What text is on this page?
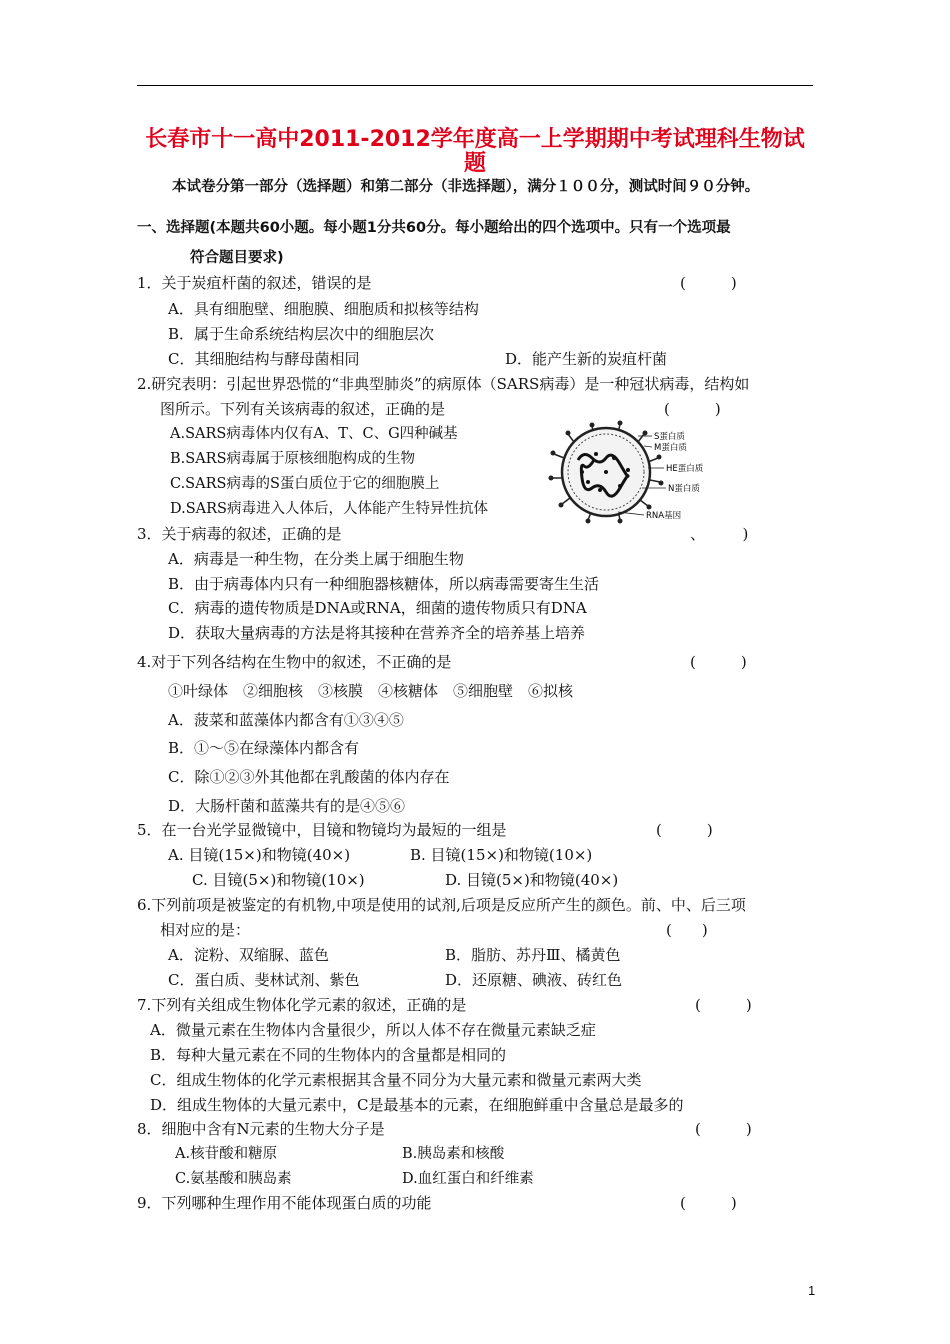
长春市十一高中2011-2012学年度高一上学期期中考试理科生物试
题
本试卷分第一部分（选择题）和第二部分（非选择题），满分１００分，测试时间９０分钟。
一、选择题(本题共60小题。每小题1分共60分。每小题给出的四个选项中。只有一个选项最
符合题目要求)
1．关于炭疽杆菌的叙述，错误的是	(　　　)
A．具有细胞壁、细胞膜、细胞质和拟核等结构
B．属于生命系统结构层次中的细胞层次
C．其细胞结构与酵母菌相同	D．能产生新的炭疽杆菌
2.研究表明：引起世界恐慌的“非典型肺炎”的病原体（SARS病毒）是一种冠状病毒，结构如
图所示。下列有关该病毒的叙述，正确的是	(　　　)
A.SARS病毒体内仅有A、T、C、G四种碱基
B.SARS病毒属于原核细胞构成的生物
C.SARS病毒的S蛋白质位于它的细胞膜上
D.SARS病毒进入人体后，人体能产生特异性抗体
S蛋白质
M蛋白质
HE蛋白质
N蛋白质
RNA基因
3．关于病毒的叙述，正确的是	、　　　)
A．病毒是一种生物，在分类上属于细胞生物
B．由于病毒体内只有一种细胞器核糖体，所以病毒需要寄生生活
C．病毒的遗传物质是DNA或RNA，细菌的遗传物质只有DNA
D．获取大量病毒的方法是将其接种在营养齐全的培养基上培养
4.对于下列各结构在生物中的叙述，不正确的是	(　　　)
①叶绿体　②细胞核　③核膜　④核糖体　⑤细胞壁　⑥拟核
A．菠菜和蓝藻体内都含有①③④⑤
B．①～⑤在绿藻体内都含有
C．除①②③外其他都在乳酸菌的体内存在
D．大肠杆菌和蓝藻共有的是④⑤⑥
5．在一台光学显微镜中，目镜和物镜均为最短的一组是	(　　　)
A. 目镜(15×)和物镜(40×)	B. 目镜(15×)和物镜(10×)
C. 目镜(5×)和物镜(10×)	D. 目镜(5×)和物镜(40×)
6.下列前项是被鉴定的有机物,中项是使用的试剂,后项是反应所产生的颜色。前、中、后三项
相对应的是：	(　　)
A．淀粉、双缩脲、蓝色	B．脂肪、苏丹Ⅲ、橘黄色
C．蛋白质、斐林试剂、紫色	D．还原糖、碘液、砖红色
7.下列有关组成生物体化学元素的叙述，正确的是	(　　　)
A．微量元素在生物体内含量很少，所以人体不存在微量元素缺乏症
B．每种大量元素在不同的生物体内的含量都是相同的
C．组成生物体的化学元素根据其含量不同分为大量元素和微量元素两大类
D．组成生物体的大量元素中，C是最基本的元素，在细胞鲜重中含量总是最多的
8．细胞中含有N元素的生物大分子是	(　　　)
A.核苷酸和糖原	B.胰岛素和核酸
C.氨基酸和胰岛素	D.血红蛋白和纤维素
9．下列哪种生理作用不能体现蛋白质的功能	(　　　)
1
